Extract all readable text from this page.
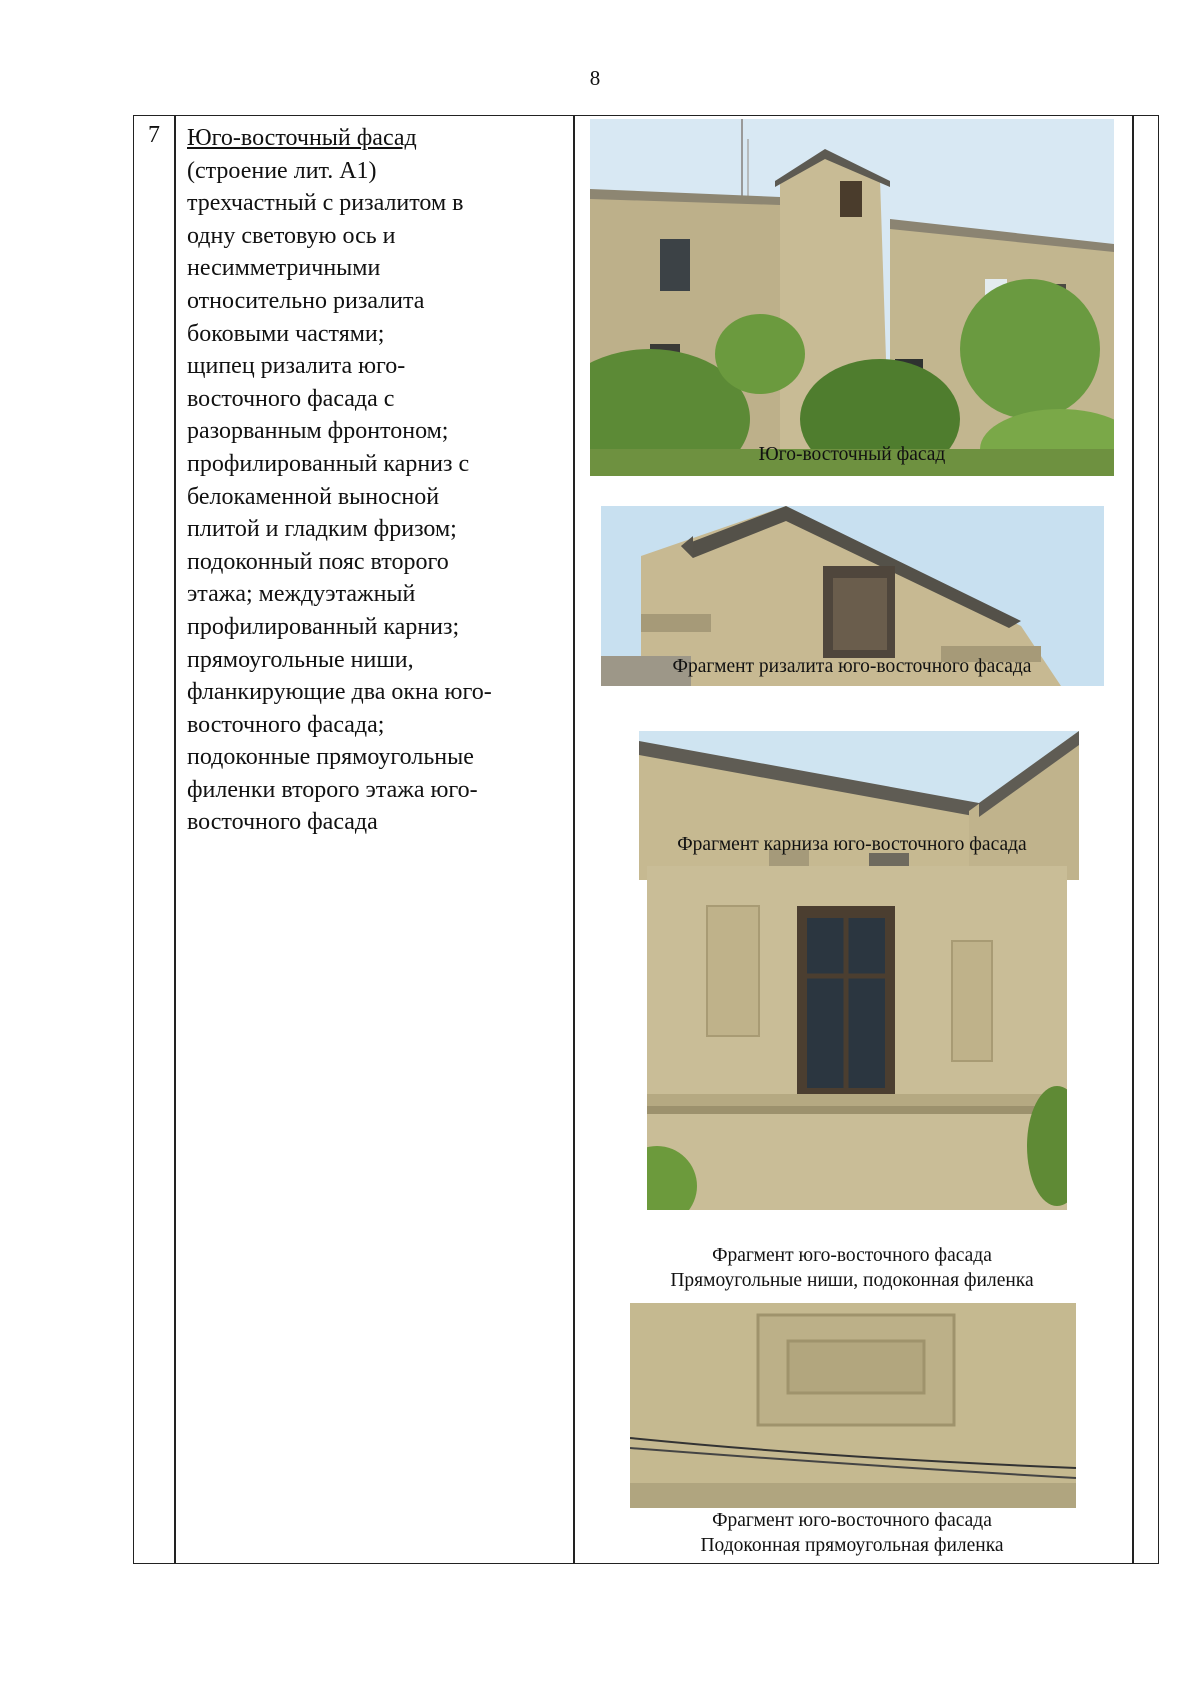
8
7 Юго-восточный фасад
(строение лит. А1)
трехчастный с ризалитом в
одну световую ось и
несимметричными
относительно ризалита
боковыми частями;
щипец ризалита юго-
восточного фасада с
разорванным фронтоном;
профилированный карниз с
белокаменной выносной
плитой и гладким фризом;
подоконный пояс второго
этажа; междуэтажный
профилированный карниз;
прямоугольные ниши,
фланкирующие два окна юго-
восточного фасада;
подоконные прямоугольные
филенки второго этажа юго-
восточного фасада
Юго-восточный фасад
Фрагмент ризалита юго-восточного фасада
Фрагмент карниза юго-восточного фасада
Фрагмент юго-восточного фасада
Прямоугольные ниши, подоконная филенка
Фрагмент юго-восточного фасада
Подоконная прямоугольная филенка
